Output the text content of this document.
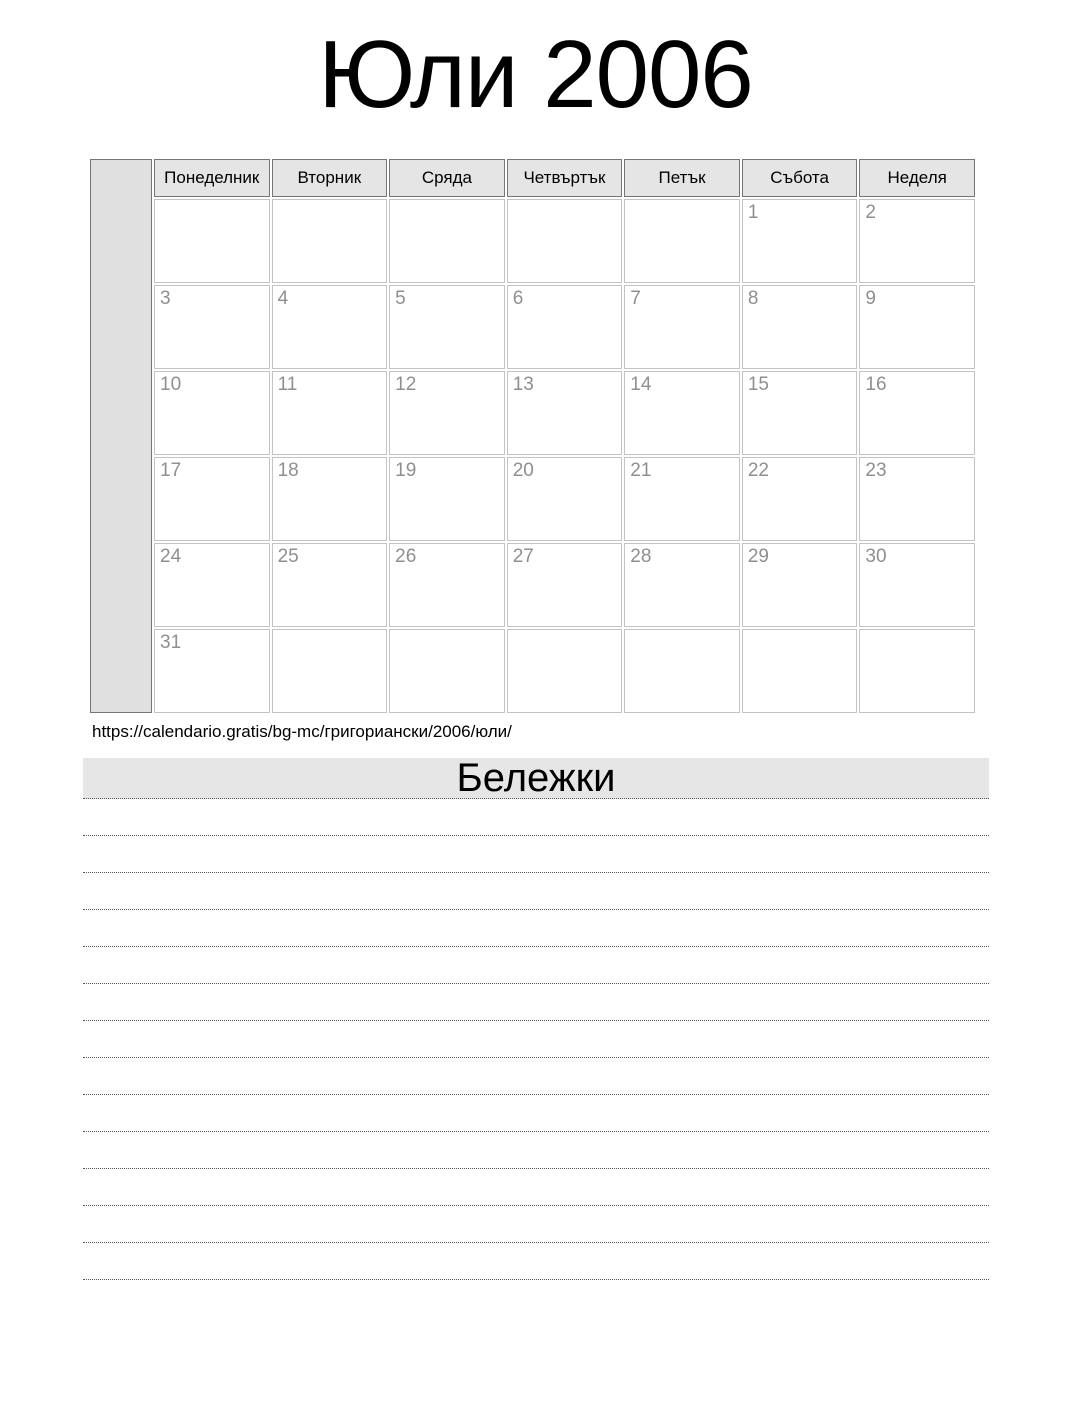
Юли 2006
	Понеделник	Вторник	Сряда	Четвъртък	Петък	Събота	Неделя
						1	2
	3	4	5	6	7	8	9
	10	11	12	13	14	15	16
	17	18	19	20	21	22	23
	24	25	26	27	28	29	30
	31						
https://calendario.gratis/bg-mc/григориански/2006/юли/
Бележки
